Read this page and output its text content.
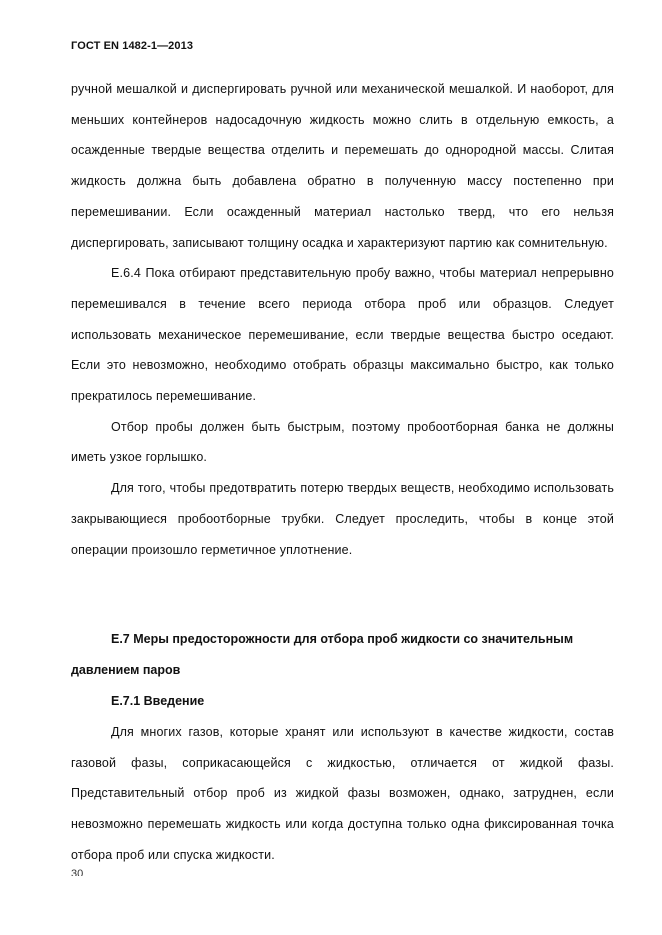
ГОСТ EN 1482-1—2013

ручной мешалкой и диспергировать ручной или механической мешалкой. И наоборот, для меньших контейнеров надосадочную жидкость можно слить в отдельную емкость, а осажденные твердые вещества отделить и перемешать до однородной массы. Слитая жидкость должна быть добавлена обратно в полученную массу постепенно при перемешивании. Если осажденный материал настолько тверд, что его нельзя диспергировать, записывают толщину осадка и характеризуют партию как сомнительную.

Е.6.4 Пока отбирают представительную пробу важно, чтобы материал непрерывно перемешивался в течение всего периода отбора проб или образцов. Следует использовать механическое перемешивание, если твердые вещества быстро оседают. Если это невозможно, необходимо отобрать образцы максимально быстро, как только прекратилось перемешивание.

Отбор пробы должен быть быстрым, поэтому пробоотборная банка не должны иметь узкое горлышко.

Для того, чтобы предотвратить потерю твердых веществ, необходимо использовать закрывающиеся пробоотборные трубки. Следует проследить, чтобы в конце этой операции произошло герметичное уплотнение.

Е.7 Меры предосторожности для отбора проб жидкости со значительным давлением паров
Е.7.1 Введение

Для многих газов, которые хранят или используют в качестве жидкости, состав газовой фазы, соприкасающейся с жидкостью, отличается от жидкой фазы. Представительный отбор проб из жидкой фазы возможен, однако, затруднен, если невозможно перемешать жидкость или когда доступна только одна фиксированная точка отбора проб или спуска жидкости.

30
